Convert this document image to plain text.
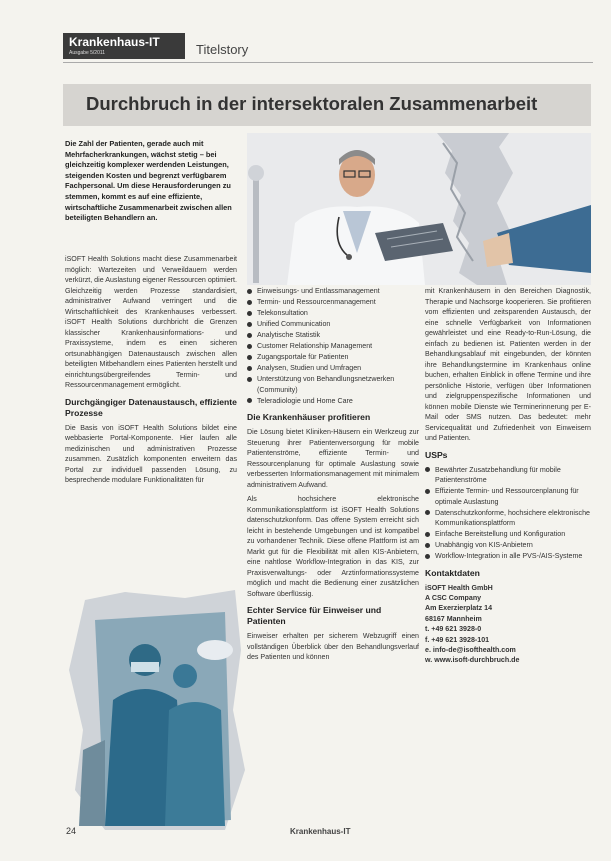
Krankenhaus-IT
Ausgabe 5/2011	Titelstory
Durchbruch in der intersektoralen Zusammenarbeit
Die Zahl der Patienten, gerade auch mit Mehrfacherkrankungen, wächst stetig – bei gleichzeitig komplexer werdenden Leistungen, steigenden Kosten und begrenzt verfügbarem Fachpersonal. Um diese Herausforderungen zu stemmen, kommt es auf eine effiziente, wirtschaftliche Zusammenarbeit zwischen allen beteiligten Behandlern an.

iSOFT Health Solutions macht diese Zusammenarbeit möglich: Wartezeiten und Verweildauern werden verkürzt, die Auslastung eigener Ressourcen optimiert. Gleichzeitig werden Prozesse standardisiert, administrativer Aufwand verringert und die Wirtschaftlichkeit des Krankenhauses verbessert. iSOFT Health Solutions durchbricht die Grenzen klassischer Krankenhausinformations- und Praxissysteme, indem es einen sicheren ortsunabhängigen Datenaustausch zwischen allen beteiligten Mitbehandlern eines Patienten herstellt und einrichtungsübergreifendes Termin- und Ressourcenmanagement ermöglicht.

Durchgängiger Datenaustausch, effiziente Prozesse

Die Basis von iSOFT Health Solutions bildet eine webbasierte Portal-Komponente. Hier laufen alle medizinischen und administrativen Prozesse zusammen. Zusätzlich komponenten erweitern das Portal zur individuell passenden Lösung, zu besprechende modulare Funktionalitäten für

Einweisungs- und Entlassmanagement
Termin- und Ressourcenmanagement
Telekonsultation
Unified Communication
Analytische Statistik
Customer Relationship Management
Zugangsportale für Patienten
Analysen, Studien und Umfragen
Unterstützung von Behandlungsnetzwerken (Community)
Teleradiologie und Home Care
Die Krankenhäuser profitieren

Die Lösung bietet Kliniken-Häusern ein Werkzeug zur Steuerung ihrer Patientenversorgung für mobile Patientenströme, effiziente Termin- und Ressourcenplanung für optimale Auslastung sowie verbesserten Informationsmanagement mit minimalem administrativem Aufwand.

Als hochsichere elektronische Kommunikationsplattform ist iSOFT Health Solutions datenschutzkonform. Das offene System erreicht sich leicht in bestehende Umgebungen und ist kompatibel zu vorhandener Technik. Diese offene Plattform ist am Markt gut für die Flexibilität mit allen KIS-Anbietern, eine nahtlose Workflow-Integration in das KIS, zur Praxisverwaltungs- oder Arztinformationssysteme möglich und macht die Bedienung einer zusätzlichen Software überflüssig.

Echter Service für Einweiser und Patienten

Einweiser erhalten per sicherem Webzugriff einen vollständigen Überblick über den Behandlungsverlauf des Patienten und können

mit Krankenhäusern in den Bereichen Diagnostik, Therapie und Nachsorge kooperieren. Sie profitieren vom effizienten und zeitsparenden Austausch, der eine schnelle Verfügbarkeit von Informationen gewährleistet und eine Ready-to-Run-Lösung, die einfach zu bedienen ist. Patienten werden in der Behandlungsablauf mit eingebunden, der könnten ihre Behandlungstermine im Krankenhaus online buchen, erhalten Einblick in offene Termine und ihre persönliche Historie, verfügen über Informationen und zielgruppenspezifische Informationen und können mobile Dienste wie Terminerinnerung per E-Mail oder SMS nutzen. Das bedeutet: mehr Servicequalität und Zufriedenheit von Einweisern und Patienten.

USPs
Bewährter Zusatzbehandlung für mobile Patientenströme
Effiziente Termin- und Ressourcenplanung für optimale Auslastung
Datenschutzkonforme, hochsichere elektronische Kommunikationsplattform
Einfache Bereitstellung und Konfiguration
Unabhängig von KIS-Anbietern
Workflow-Integration in alle PVS-/AIS-Systeme
Kontaktdaten
iSOFT Health GmbH
A CSC Company
Am Exerzierplatz 14
68167 Mannheim
t. +49 621 3928-0
f. +49 621 3928-101
e. info-de@isofthealth.com
w. www.isoft-durchbruch.de
24	Krankenhaus-IT
